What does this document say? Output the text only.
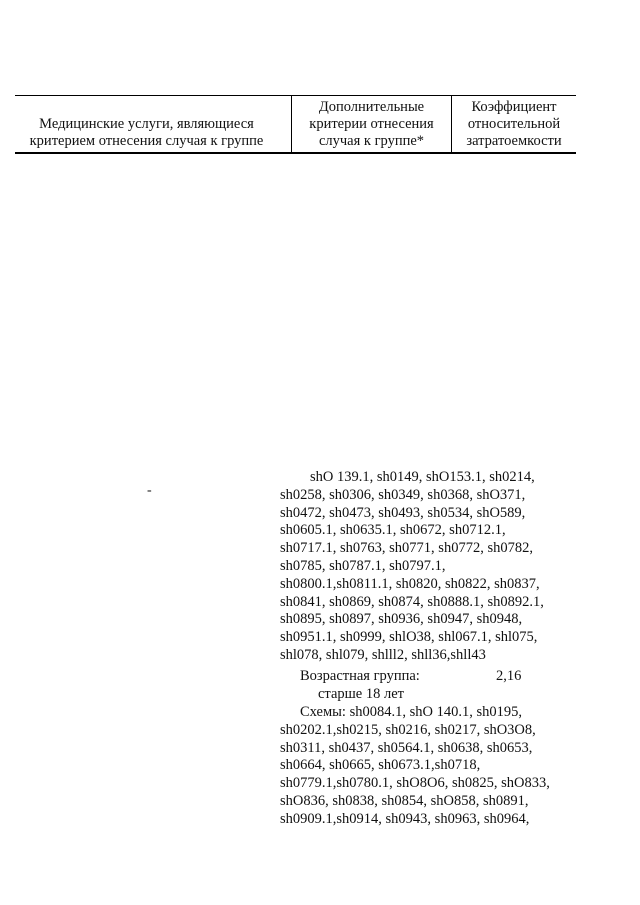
Медицинские услуги, являющиеся
критерием отнесения случая к группе
Дополнительные
критерии отнесения
случая к группе*
Коэффициент
относительной
затратоемкости
-
shO 139.1, sh0149, shO153.1, sh0214,
sh0258, sh0306, sh0349, sh0368, shO371,
sh0472, sh0473, sh0493, sh0534, shO589,
sh0605.1, sh0635.1, sh0672, sh0712.1,
sh0717.1, sh0763, sh0771, sh0772, sh0782,
sh0785, sh0787.1, sh0797.1,
sh0800.1,sh0811.1, sh0820, sh0822, sh0837,
sh0841, sh0869, sh0874, sh0888.1, sh0892.1,
sh0895, sh0897, sh0936, sh0947, sh0948,
sh0951.1, sh0999, shlO38, shl067.1, shl075,
shl078, shl079, shlll2, shll36,shll43
Возрастная группа:	2,16
старше 18 лет
Схемы: sh0084.1, shO 140.1, sh0195,
sh0202.1,sh0215, sh0216, sh0217, shO3O8,
sh0311, sh0437, sh0564.1, sh0638, sh0653,
sh0664, sh0665, sh0673.1,sh0718,
sh0779.1,sh0780.1, shO8O6, sh0825, shO833,
shO836, sh0838, sh0854, shO858, sh0891,
sh0909.1,sh0914, sh0943, sh0963, sh0964,
